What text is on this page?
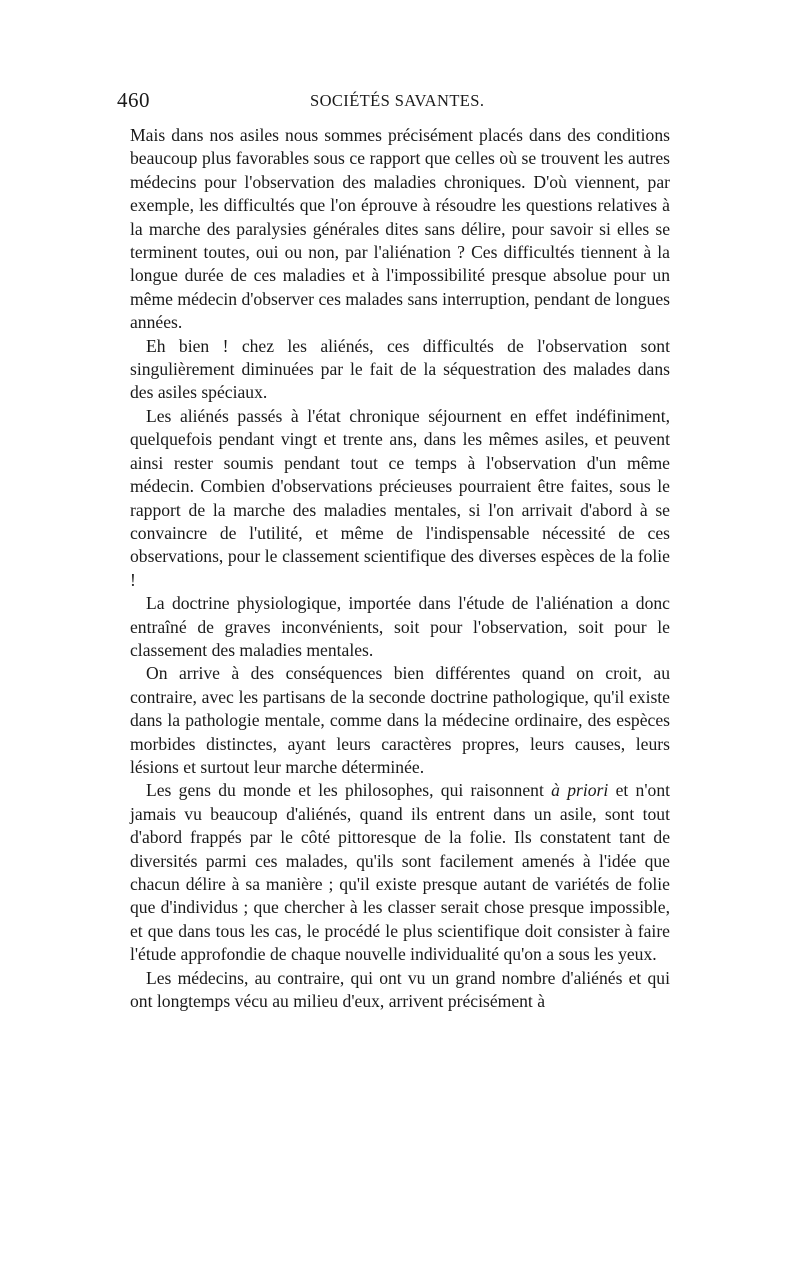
460	SOCIÉTÉS SAVANTES.

Mais dans nos asiles nous sommes précisément placés dans des conditions beaucoup plus favorables sous ce rapport que celles où se trouvent les autres médecins pour l'observation des maladies chroniques. D'où viennent, par exemple, les difficultés que l'on éprouve à résoudre les questions relatives à la marche des paralysies générales dites sans délire, pour savoir si elles se terminent toutes, oui ou non, par l'aliénation ? Ces difficultés tiennent à la longue durée de ces maladies et à l'impossibilité presque absolue pour un même médecin d'observer ces malades sans interruption, pendant de longues années.

Eh bien ! chez les aliénés, ces difficultés de l'observation sont singulièrement diminuées par le fait de la séquestration des malades dans des asiles spéciaux.

Les aliénés passés à l'état chronique séjournent en effet indéfiniment, quelquefois pendant vingt et trente ans, dans les mêmes asiles, et peuvent ainsi rester soumis pendant tout ce temps à l'observation d'un même médecin. Combien d'observations précieuses pourraient être faites, sous le rapport de la marche des maladies mentales, si l'on arrivait d'abord à se convaincre de l'utilité, et même de l'indispensable nécessité de ces observations, pour le classement scientifique des diverses espèces de la folie !

La doctrine physiologique, importée dans l'étude de l'aliénation a donc entraîné de graves inconvénients, soit pour l'observation, soit pour le classement des maladies mentales.

On arrive à des conséquences bien différentes quand on croit, au contraire, avec les partisans de la seconde doctrine pathologique, qu'il existe dans la pathologie mentale, comme dans la médecine ordinaire, des espèces morbides distinctes, ayant leurs caractères propres, leurs causes, leurs lésions et surtout leur marche déterminée.

Les gens du monde et les philosophes, qui raisonnent à priori et n'ont jamais vu beaucoup d'aliénés, quand ils entrent dans un asile, sont tout d'abord frappés par le côté pittoresque de la folie. Ils constatent tant de diversités parmi ces malades, qu'ils sont facilement amenés à l'idée que chacun délire à sa manière ; qu'il existe presque autant de variétés de folie que d'individus ; que chercher à les classer serait chose presque impossible, et que dans tous les cas, le procédé le plus scientifique doit consister à faire l'étude approfondie de chaque nouvelle individualité qu'on a sous les yeux.

Les médecins, au contraire, qui ont vu un grand nombre d'aliénés et qui ont longtemps vécu au milieu d'eux, arrivent précisément à
